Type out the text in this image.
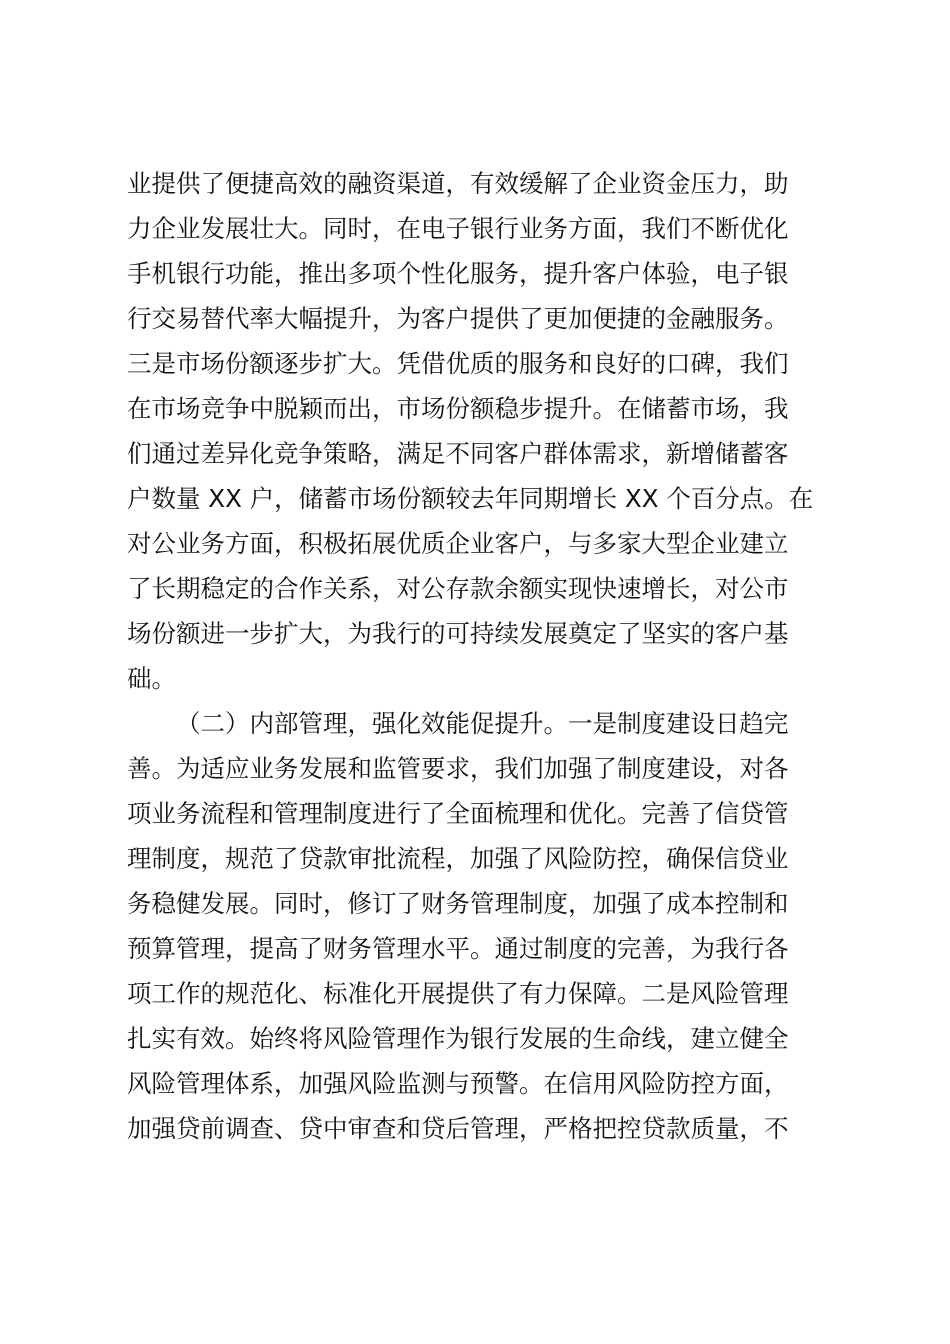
业提供了便捷高效的融资渠道，有效缓解了企业资金压力，助
力企业发展壮大。同时，在电子银行业务方面，我们不断优化
手机银行功能，推出多项个性化服务，提升客户体验，电子银
行交易替代率大幅提升，为客户提供了更加便捷的金融服务。
三是市场份额逐步扩大。凭借优质的服务和良好的口碑，我们
在市场竞争中脱颖而出，市场份额稳步提升。在储蓄市场，我
们通过差异化竞争策略，满足不同客户群体需求，新增储蓄客
户数量 XX 户，储蓄市场份额较去年同期增长 XX 个百分点。在
对公业务方面，积极拓展优质企业客户，与多家大型企业建立
了长期稳定的合作关系，对公存款余额实现快速增长，对公市
场份额进一步扩大，为我行的可持续发展奠定了坚实的客户基
础。
（二）内部管理，强化效能促提升。一是制度建设日趋完
善。为适应业务发展和监管要求，我们加强了制度建设，对各
项业务流程和管理制度进行了全面梳理和优化。完善了信贷管
理制度，规范了贷款审批流程，加强了风险防控，确保信贷业
务稳健发展。同时，修订了财务管理制度，加强了成本控制和
预算管理，提高了财务管理水平。通过制度的完善，为我行各
项工作的规范化、标准化开展提供了有力保障。二是风险管理
扎实有效。始终将风险管理作为银行发展的生命线，建立健全
风险管理体系，加强风险监测与预警。在信用风险防控方面，
加强贷前调查、贷中审查和贷后管理，严格把控贷款质量，不
